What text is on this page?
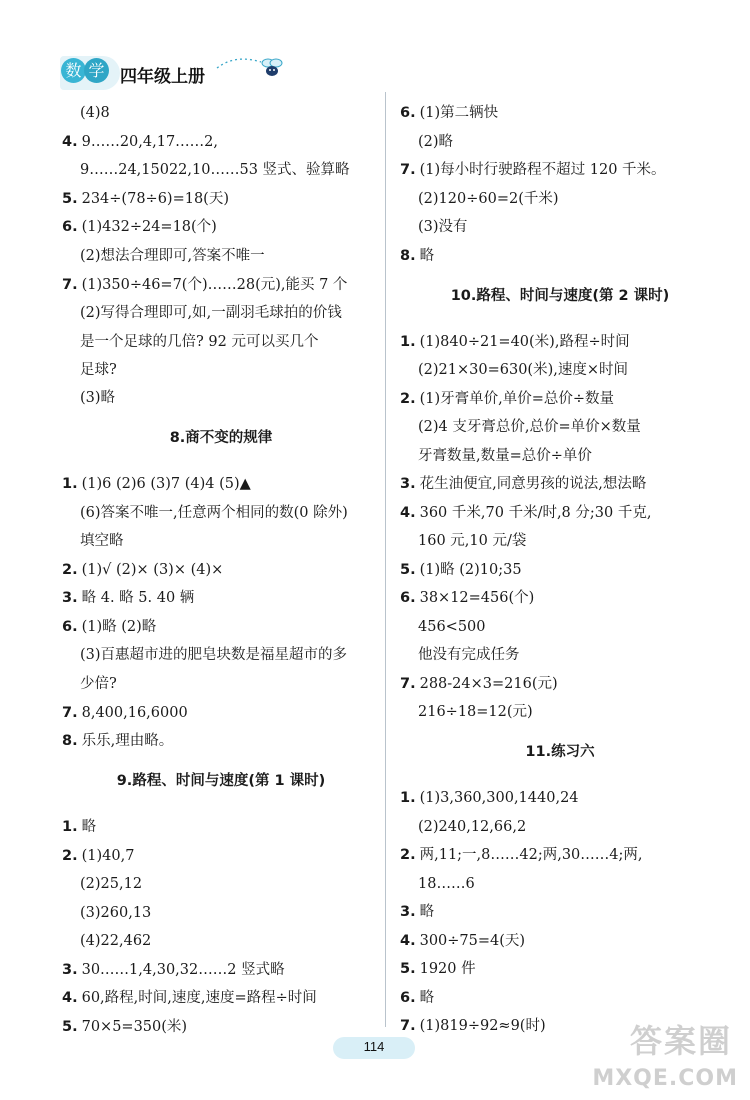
数 学 四年级上册
(4)8
4. 9……20,4,17……2,
9……24,15022,10……53 竖式、验算略
5. 234÷(78÷6)=18(天)
6. (1)432÷24=18(个)
(2)想法合理即可,答案不唯一
7. (1)350÷46=7(个)……28(元),能买 7 个
(2)写得合理即可,如,一副羽毛球拍的价钱
是一个足球的几倍? 92 元可以买几个
足球?
(3)略
8.商不变的规律
1. (1)6 (2)6 (3)7 (4)4 (5)▲
(6)答案不唯一,任意两个相同的数(0 除外)
填空略
2. (1)√ (2)× (3)× (4)×
3. 略 4. 略 5. 40 辆
6. (1)略 (2)略
(3)百惠超市进的肥皂块数是福星超市的多
少倍?
7. 8,400,16,6000
8. 乐乐,理由略。
9.路程、时间与速度(第 1 课时)
1. 略
2. (1)40,7
(2)25,12
(3)260,13
(4)22,462
3. 30……1,4,30,32……2 竖式略
4. 60,路程,时间,速度,速度=路程÷时间
5. 70×5=350(米)
6. (1)第二辆快
(2)略
7. (1)每小时行驶路程不超过 120 千米。
(2)120÷60=2(千米)
(3)没有
8. 略
10.路程、时间与速度(第 2 课时)
1. (1)840÷21=40(米),路程÷时间
(2)21×30=630(米),速度×时间
2. (1)牙膏单价,单价=总价÷数量
(2)4 支牙膏总价,总价=单价×数量
牙膏数量,数量=总价÷单价
3. 花生油便宜,同意男孩的说法,想法略
4. 360 千米,70 千米/时,8 分;30 千克,
160 元,10 元/袋
5. (1)略 (2)10;35
6. 38×12=456(个)
456<500
他没有完成任务
7. 288-24×3=216(元)
216÷18=12(元)
11.练习六
1. (1)3,360,300,1440,24
(2)240,12,66,2
2. 两,11;一,8……42;两,30……4;两,
18……6
3. 略
4. 300÷75=4(天)
5. 1920 件
6. 略
7. (1)819÷92≈9(时)
114	答案圈
MXQE.COM
